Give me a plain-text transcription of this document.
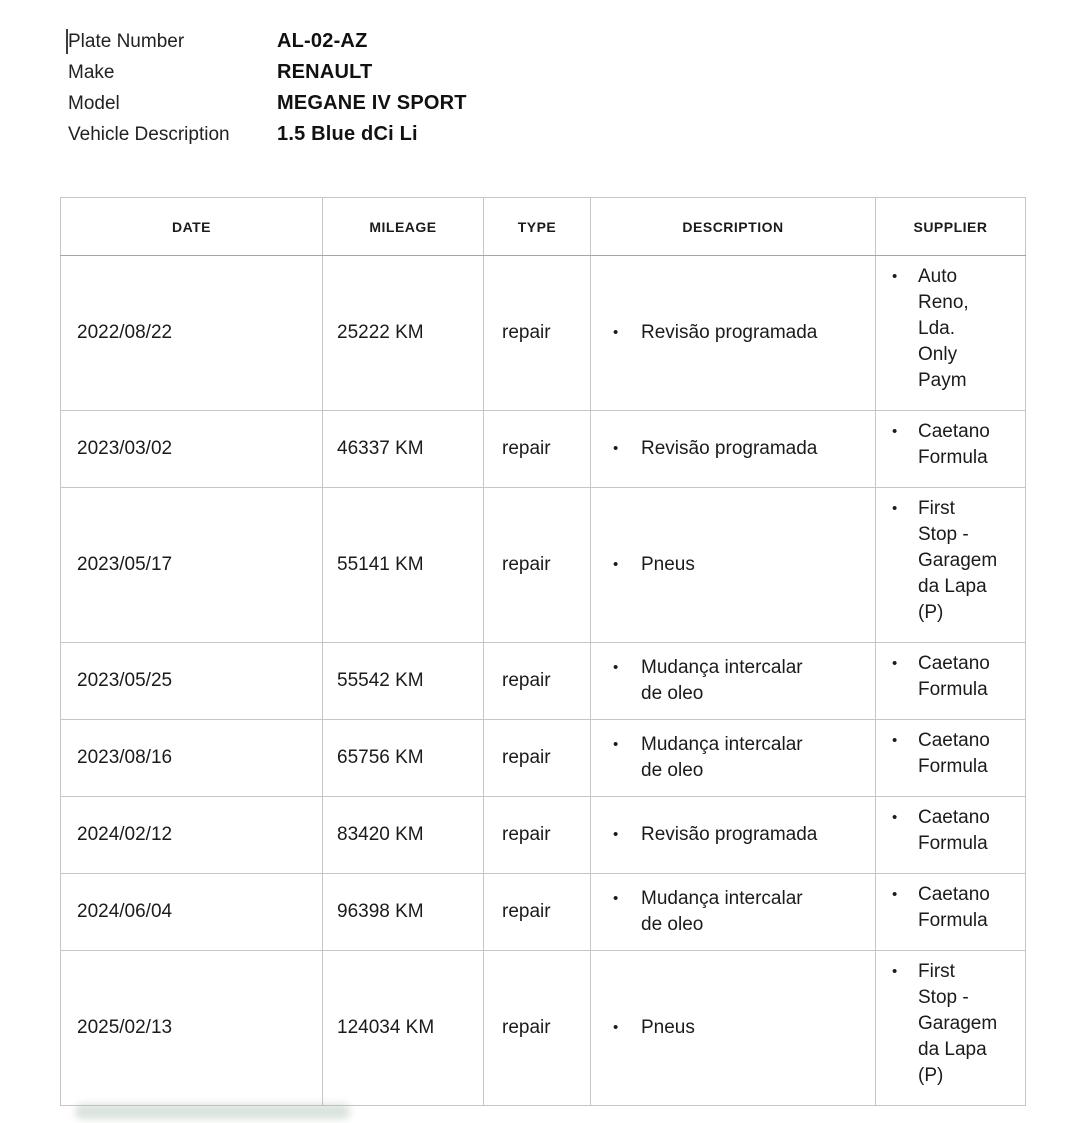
Plate Number	AL-02-AZ
Make	RENAULT
Model	MEGANE IV SPORT
Vehicle Description	1.5 Blue dCi Li
DATE	MILEAGE	TYPE	DESCRIPTION	SUPPLIER
2022/08/22	25222 KM	repair	• Revisão programada	• Auto Reno, Lda. Only Paym

2023/03/02	46337 KM	repair	• Revisão programada	• Caetano Formula

2023/05/17	55141 KM	repair	• Pneus	• First Stop - Garagem da Lapa (P)

2023/05/25	55542 KM	repair	• Mudança intercalar de oleo	• Caetano Formula

2023/08/16	65756 KM	repair	• Mudança intercalar de oleo	• Caetano Formula

2024/02/12	83420 KM	repair	• Revisão programada	• Caetano Formula

2024/06/04	96398 KM	repair	• Mudança intercalar de oleo	• Caetano Formula

2025/02/13	124034 KM	repair	• Pneus	• First Stop - Garagem da Lapa (P)
